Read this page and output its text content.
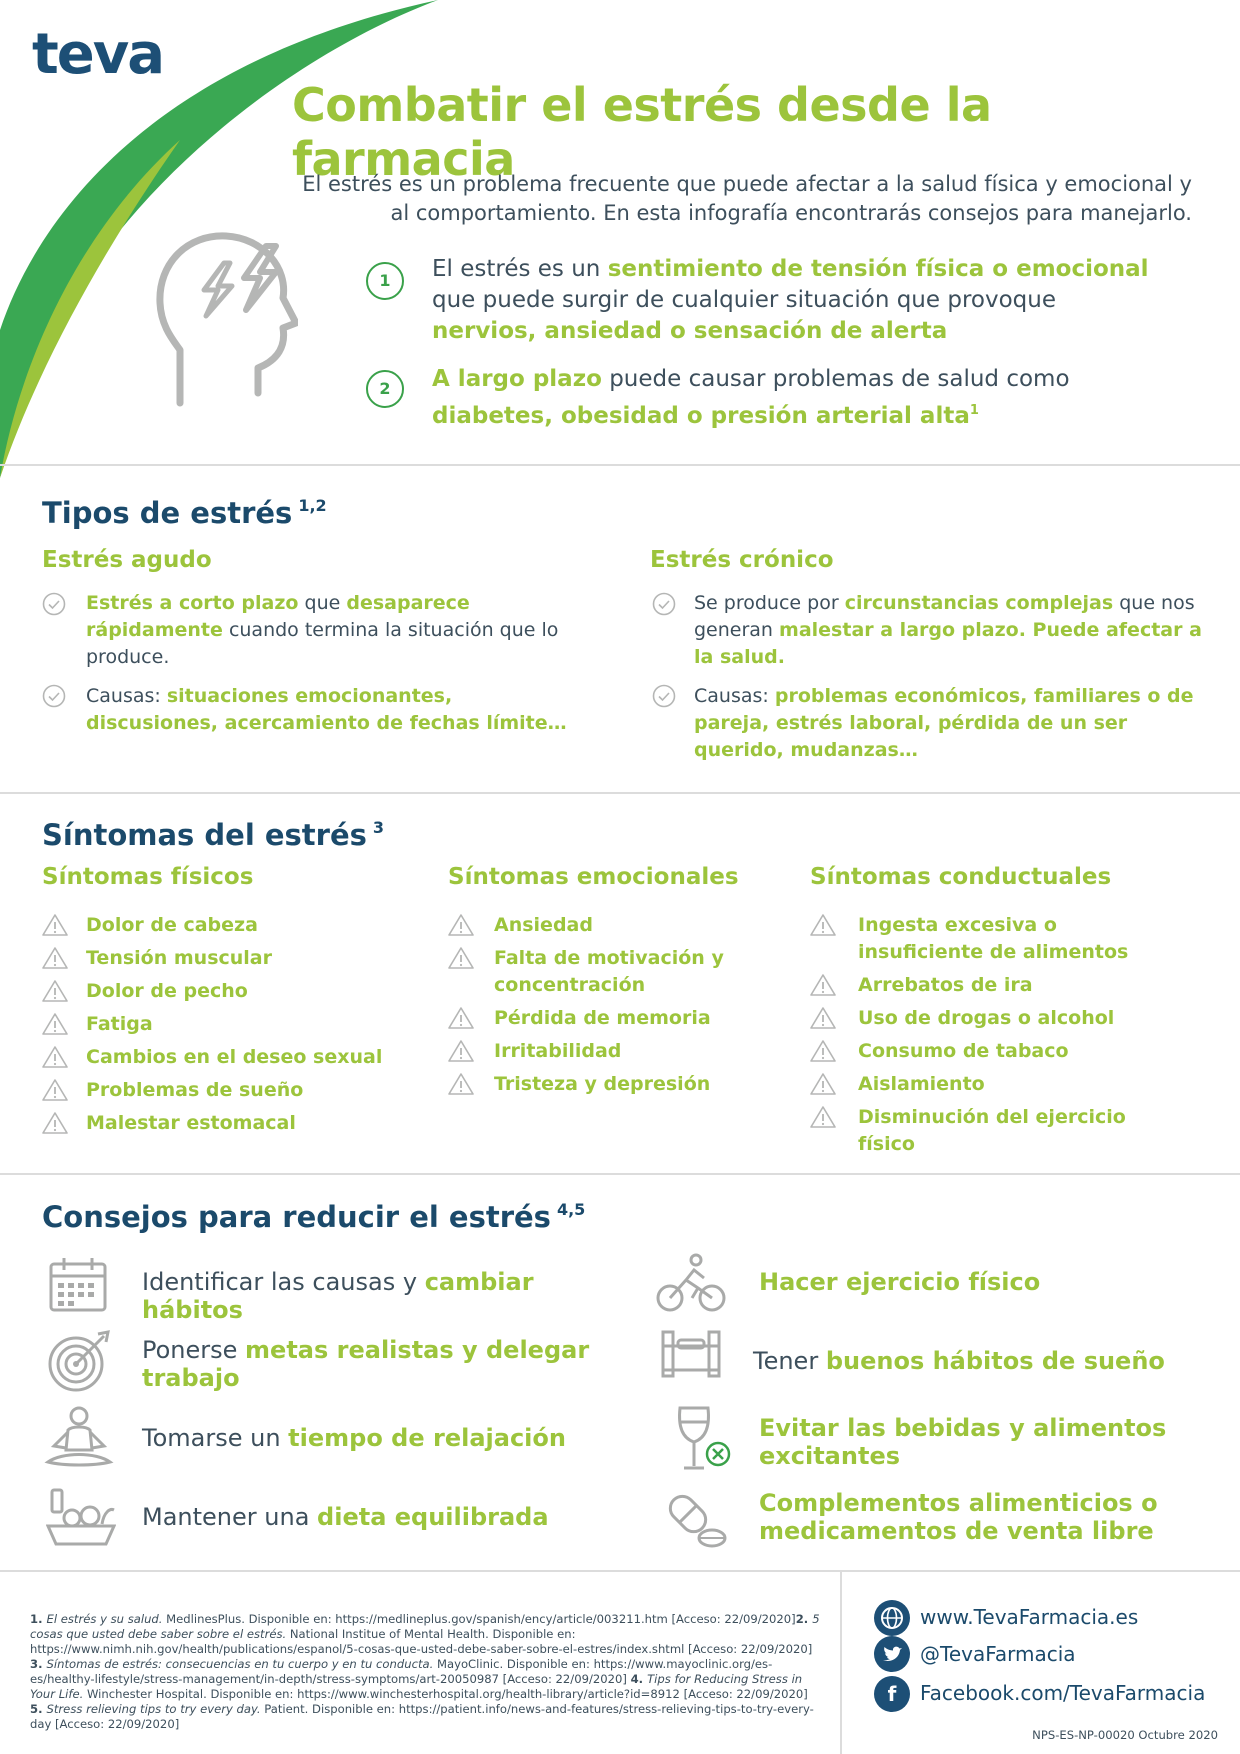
teva
Combatir el estrés desde la farmacia
El estrés es un problema frecuente que puede afectar a la salud física y emocional y al comportamiento. En esta infografía encontrarás consejos para manejarlo.
1	El estrés es un sentimiento de tensión física o emocional que puede surgir de cualquier situación que provoque nervios, ansiedad o sensación de alerta
2	A largo plazo puede causar problemas de salud como diabetes, obesidad o presión arterial alta$^1$
Tipos de estrés $^{1,2}$
Estrés agudo	Estrés crónico
Estrés a corto plazo que desaparece rápidamente cuando termina la situación que lo produce.
Causas: situaciones emocionantes, discusiones, acercamiento de fechas límite…
Se produce por circunstancias complejas que nos generan malestar a largo plazo. Puede afectar a la salud.
Causas: problemas económicos, familiares o de pareja, estrés laboral, pérdida de un ser querido, mudanzas…
Síntomas del estrés $^3$
Síntomas físicos	Síntomas emocionales	Síntomas conductuales
Dolor de cabeza
Tensión muscular
Dolor de pecho
Fatiga
Cambios en el deseo sexual
Problemas de sueño
Malestar estomacal
Ansiedad
Falta de motivación y concentración
Pérdida de memoria
Irritabilidad
Tristeza y depresión
Ingesta excesiva o insuficiente de alimentos
Arrebatos de ira
Uso de drogas o alcohol
Consumo de tabaco
Aislamiento
Disminución del ejercicio físico
Consejos para reducir el estrés $^{4,5}$
Identificar las causas y cambiar hábitos
Ponerse metas realistas y delegar trabajo
Tomarse un tiempo de relajación
Mantener una dieta equilibrada
Hacer ejercicio físico
Tener buenos hábitos de sueño
Evitar las bebidas y alimentos excitantes
Complementos alimenticios o medicamentos de venta libre
1. El estrés y su salud. MedlinesPlus. Disponible en: https://medlineplus.gov/spanish/ency/article/003211.htm [Acceso: 22/09/2020]2. 5 cosas que usted debe saber sobre el estrés. National Institue of Mental Health. Disponible en: https://www.nimh.nih.gov/health/publications/espanol/5-cosas-que-usted-debe-saber-sobre-el-estres/index.shtml [Acceso: 22/09/2020] 3. Síntomas de estrés: consecuencias en tu cuerpo y en tu conducta. MayoClinic. Disponible en: https://www.mayoclinic.org/es-es/healthy-lifestyle/stress-management/in-depth/stress-symptoms/art-20050987 [Acceso: 22/09/2020] 4. Tips for Reducing Stress in Your Life. Winchester Hospital. Disponible en: https://www.winchesterhospital.org/health-library/article?id=8912 [Acceso: 22/09/2020] 5. Stress relieving tips to try every day. Patient. Disponible en: https://patient.info/news-and-features/stress-relieving-tips-to-try-every-day [Acceso: 22/09/2020]
www.TevaFarmacia.es
@TevaFarmacia
f	Facebook.com/TevaFarmacia
NPS-ES-NP-00020 Octubre 2020
